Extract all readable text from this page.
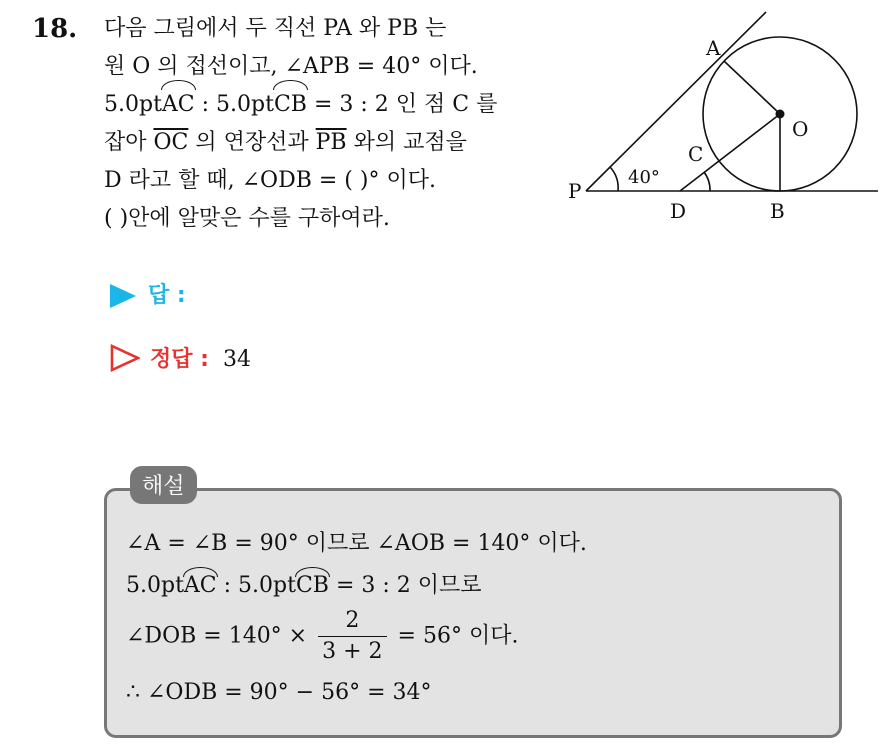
18. 다음 그림에서 두 직선 PA 와 PB 는
원 O 의 접선이고, ∠APB = 40° 이다.
5.0ptAC : 5.0ptCB = 3 : 2 인 점 C 를
잡아 $\overline{OC}$ 의 연장선과 $\overline{PB}$ 와의 교점을
D 라고 할 때, ∠ODB = ( )° 이다.
( )안에 알맞은 수를 구하여라.
P
A
O
C
D	B
40°
답 :
정답 : 34
해설
∠A = ∠B = 90° 이므로 ∠AOB = 140° 이다.
5.0ptAC : 5.0ptCB = 3 : 2 이므로
∠DOB = $140^\circ \times \frac{2}{3 + 2} = 56^\circ$ 이다.
∴ ∠ODB = 90° − 56° = 34°
